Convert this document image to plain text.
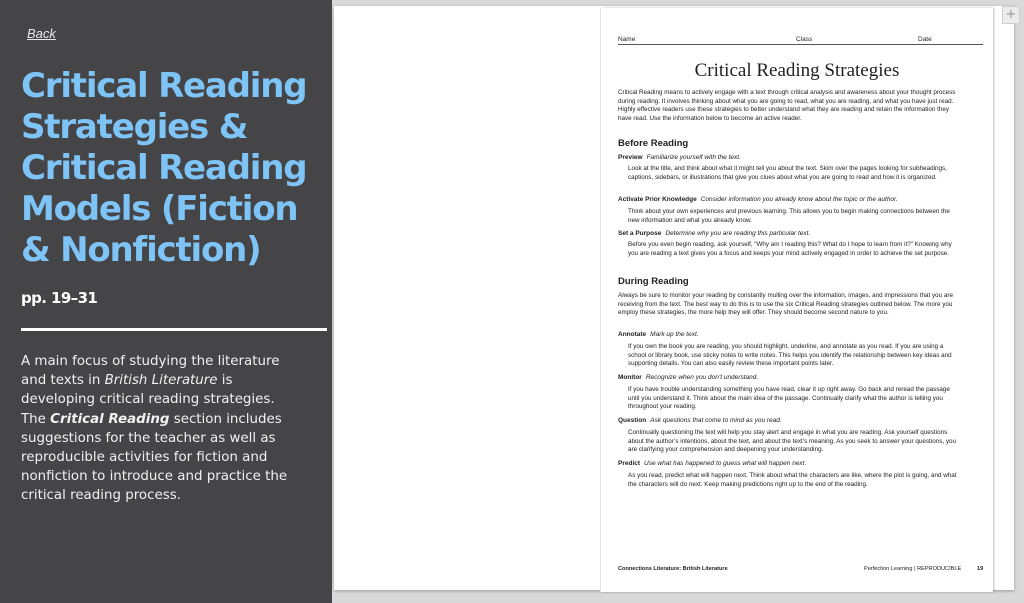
Back
Critical Reading Strategies & Critical Reading Models (Fiction & Nonfiction)
pp. 19–31

A main focus of studying the literature and texts in British Literature is developing critical reading strategies. The Critical Reading section includes suggestions for the teacher as well as reproducible activities for fiction and nonfiction to introduce and practice the critical reading process.

+
Name	Class	Date
Critical Reading Strategies

Critical Reading means to actively engage with a text through critical analysis and awareness about your thought process during reading. It involves thinking about what you are going to read, what you are reading, and what you have just read. Highly effective readers use these strategies to better understand what they are reading and retain the information they have read. Use the information below to become an active reader.

Before Reading
Preview Familiarize yourself with the text.

Look at the title, and think about what it might tell you about the text. Skim over the pages looking for subheadings, captions, sidebars, or illustrations that give you clues about what you are going to read and how it is organized.

Activate Prior Knowledge Consider information you already know about the topic or the author.

Think about your own experiences and previous learning. This allows you to begin making connections between the new information and what you already know.

Set a Purpose Determine why you are reading this particular text.

Before you even begin reading, ask yourself, “Why am I reading this? What do I hope to learn from it?” Knowing why you are reading a text gives you a focus and keeps your mind actively engaged in order to achieve the set purpose.

During Reading

Always be sure to monitor your reading by constantly mulling over the information, images, and impressions that you are receiving from the text. The best way to do this is to use the six Critical Reading strategies outlined below. The more you employ these strategies, the more help they will offer. They should become second nature to you.

Annotate Mark up the text.

If you own the book you are reading, you should highlight, underline, and annotate as you read. If you are using a school or library book, use sticky notes to write notes. This helps you identify the relationship between key ideas and supporting details. You can also easily review these important points later.

Monitor Recognize when you don’t understand.

If you have trouble understanding something you have read, clear it up right away. Go back and reread the passage until you understand it. Think about the main idea of the passage. Continually clarify what the author is telling you throughout your reading.

Question Ask questions that come to mind as you read.

Continually questioning the text will help you stay alert and engage in what you are reading. Ask yourself questions about the author’s intentions, about the text, and about the text’s meaning. As you seek to answer your questions, you are clarifying your comprehension and deepening your understanding.

Predict Use what has happened to guess what will happen next.

As you read, predict what will happen next. Think about what the characters are like, where the plot is going, and what the characters will do next. Keep making predictions right up to the end of the reading.

Connections Literature: British Literature	Perfection Learning | REPRODUCIBLE	19
